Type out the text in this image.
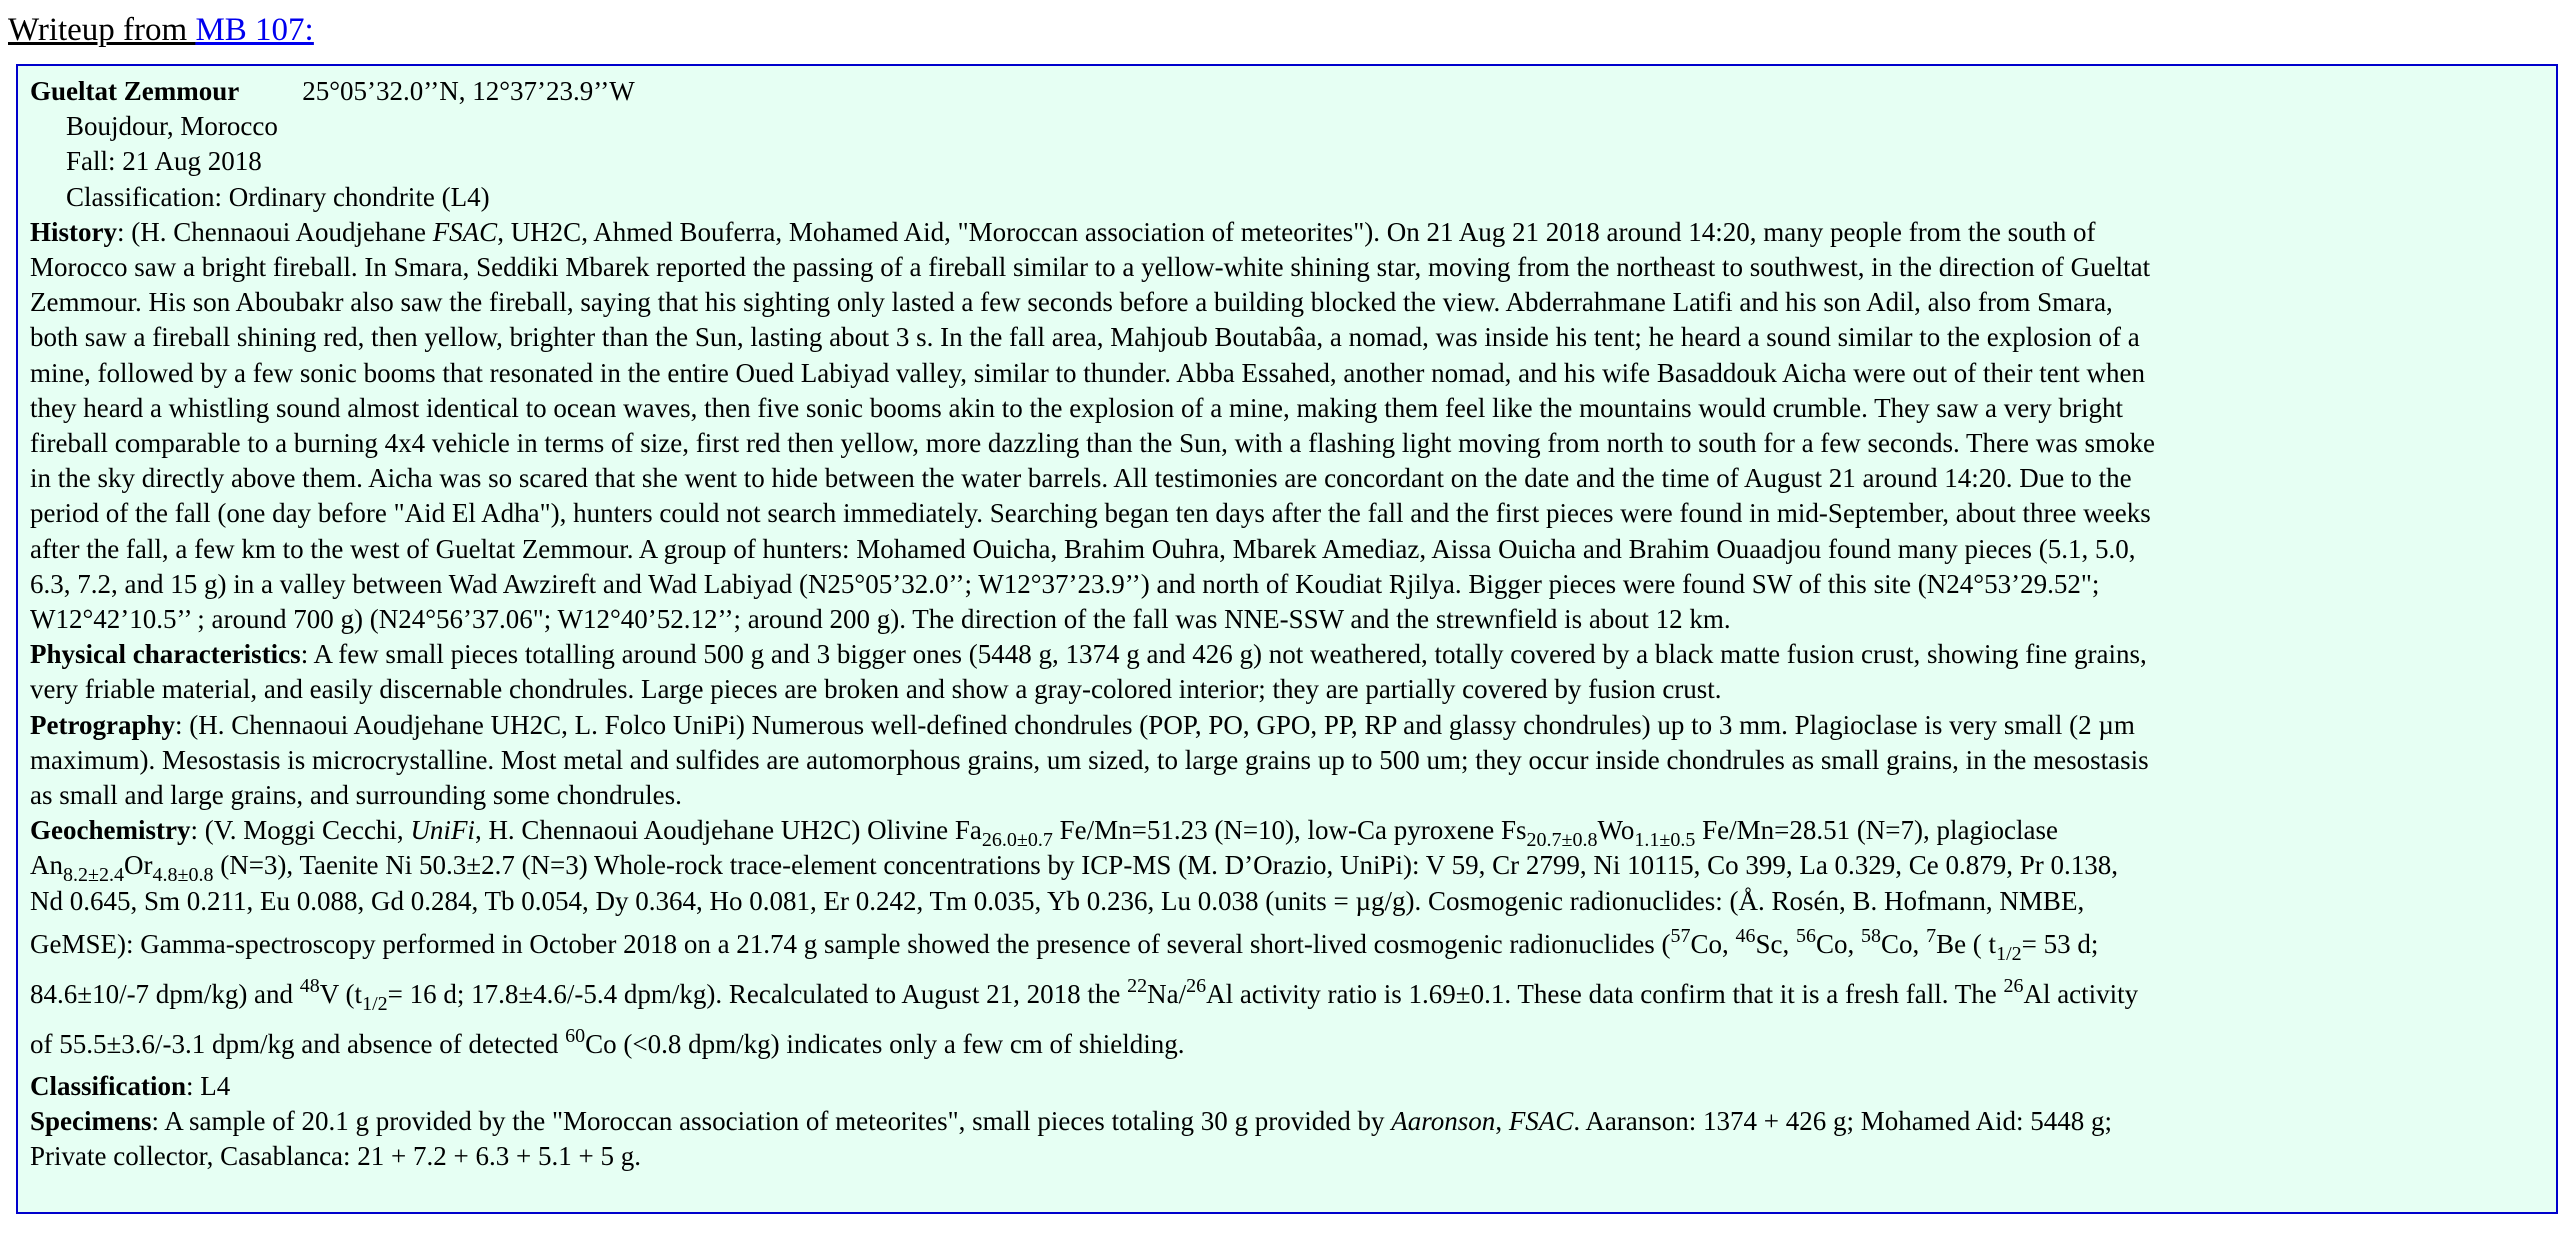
Writeup from MB 107:
Gueltat Zemmour 25°05’32.0’’N, 12°37’23.9’’W
Boujdour, Morocco
Fall: 21 Aug 2018
Classification: Ordinary chondrite (L4)
History: (H. Chennaoui Aoudjehane FSAC, UH2C, Ahmed Bouferra, Mohamed Aid, "Moroccan association of meteorites"). On 21 Aug 21 2018 around 14:20, many people from the south of
Morocco saw a bright fireball. In Smara, Seddiki Mbarek reported the passing of a fireball similar to a yellow-white shining star, moving from the northeast to southwest, in the direction of Gueltat
Zemmour. His son Aboubakr also saw the fireball, saying that his sighting only lasted a few seconds before a building blocked the view. Abderrahmane Latifi and his son Adil, also from Smara,
both saw a fireball shining red, then yellow, brighter than the Sun, lasting about 3 s. In the fall area, Mahjoub Boutabâa, a nomad, was inside his tent; he heard a sound similar to the explosion of a
mine, followed by a few sonic booms that resonated in the entire Oued Labiyad valley, similar to thunder. Abba Essahed, another nomad, and his wife Basaddouk Aicha were out of their tent when
they heard a whistling sound almost identical to ocean waves, then five sonic booms akin to the explosion of a mine, making them feel like the mountains would crumble. They saw a very bright
fireball comparable to a burning 4x4 vehicle in terms of size, first red then yellow, more dazzling than the Sun, with a flashing light moving from north to south for a few seconds. There was smoke
in the sky directly above them. Aicha was so scared that she went to hide between the water barrels. All testimonies are concordant on the date and the time of August 21 around 14:20. Due to the
period of the fall (one day before "Aid El Adha"), hunters could not search immediately. Searching began ten days after the fall and the first pieces were found in mid-September, about three weeks
after the fall, a few km to the west of Gueltat Zemmour. A group of hunters: Mohamed Ouicha, Brahim Ouhra, Mbarek Amediaz, Aissa Ouicha and Brahim Ouaadjou found many pieces (5.1, 5.0,
6.3, 7.2, and 15 g) in a valley between Wad Awzireft and Wad Labiyad (N25°05’32.0’’; W12°37’23.9’’) and north of Koudiat Rjilya. Bigger pieces were found SW of this site (N24°53’29.52";
W12°42’10.5’’ ; around 700 g) (N24°56’37.06"; W12°40’52.12’’; around 200 g). The direction of the fall was NNE-SSW and the strewnfield is about 12 km.
Physical characteristics: A few small pieces totalling around 500 g and 3 bigger ones (5448 g, 1374 g and 426 g) not weathered, totally covered by a black matte fusion crust, showing fine grains,
very friable material, and easily discernable chondrules. Large pieces are broken and show a gray-colored interior; they are partially covered by fusion crust.
Petrography: (H. Chennaoui Aoudjehane UH2C, L. Folco UniPi) Numerous well-defined chondrules (POP, PO, GPO, PP, RP and glassy chondrules) up to 3 mm. Plagioclase is very small (2 µm
maximum). Mesostasis is microcrystalline. Most metal and sulfides are automorphous grains, um sized, to large grains up to 500 um; they occur inside chondrules as small grains, in the mesostasis
as small and large grains, and surrounding some chondrules.
Geochemistry: (V. Moggi Cecchi, UniFi, H. Chennaoui Aoudjehane UH2C) Olivine $Fa_{26.0\pm 0.7}$ Fe/Mn=51.23 (N=10), low-Ca pyroxene $Fs_{20.7\pm 0.8}Wo_{1.1\pm 0.5}$ Fe/Mn=28.51 (N=7), plagioclase
$An_{8.2\pm 2.4}Or_{4.8\pm 0.8}$ (N=3), Taenite Ni 50.3±2.7 (N=3) Whole-rock trace-element concentrations by ICP-MS (M. D’Orazio, UniPi): V 59, Cr 2799, Ni 10115, Co 399, La 0.329, Ce 0.879, Pr 0.138,
Nd 0.645, Sm 0.211, Eu 0.088, Gd 0.284, Tb 0.054, Dy 0.364, Ho 0.081, Er 0.242, Tm 0.035, Yb 0.236, Lu 0.038 (units = µg/g). Cosmogenic radionuclides: (Å. Rosén, B. Hofmann, NMBE,
GeMSE): Gamma-spectroscopy performed in October 2018 on a 21.74 g sample showed the presence of several short-lived cosmogenic radionuclides ($^{57}$Co, $^{46}$Sc, $^{56}$Co, $^{58}$Co, $^7$Be ( $t_{1/2}= 53$ d;
84.6±10/-7 dpm/kg) and $^{48}$V ($t_{1/2}= 16$ d; 17.8±4.6/-5.4 dpm/kg). Recalculated to August 21, 2018 the $^{22}$Na/$^{26}$Al activity ratio is 1.69±0.1. These data confirm that it is a fresh fall. The $^{26}$Al activity
of 55.5±3.6/-3.1 dpm/kg and absence of detected $^{60}$Co (<0.8 dpm/kg) indicates only a few cm of shielding.
Classification: L4
Specimens: A sample of 20.1 g provided by the "Moroccan association of meteorites", small pieces totaling 30 g provided by Aaronson, FSAC. Aaranson: 1374 + 426 g; Mohamed Aid: 5448 g;
Private collector, Casablanca: 21 + 7.2 + 6.3 + 5.1 + 5 g.
